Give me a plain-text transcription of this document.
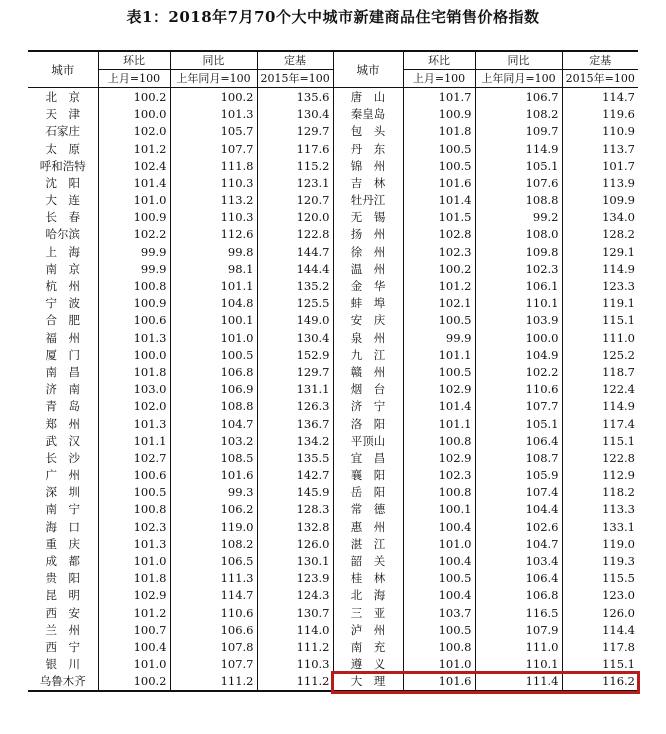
表1：2018年7月70个大中城市新建商品住宅销售价格指数
城市	环比	同比	定基	城市	环比	同比	定基
	上月=100	上年同月=100	2015年=100		上月=100	上年同月=100	2015年=100
北　京	100.2	100.2	135.6	唐　山	101.7	106.7	114.7
天　津	100.0	101.3	130.4	秦皇岛	100.9	108.2	119.6
石家庄	102.0	105.7	129.7	包　头	101.8	109.7	110.9
太　原	101.2	107.7	117.6	丹　东	100.5	114.9	113.7
呼和浩特	102.4	111.8	115.2	锦　州	100.5	105.1	101.7
沈　阳	101.4	110.3	123.1	吉　林	101.6	107.6	113.9
大　连	101.0	113.2	120.7	牡丹江	101.4	108.8	109.9
长　春	100.9	110.3	120.0	无　锡	101.5	99.2	134.0
哈尔滨	102.2	112.6	122.8	扬　州	102.8	108.0	128.2
上　海	99.9	99.8	144.7	徐　州	102.3	109.8	129.1
南　京	99.9	98.1	144.4	温　州	100.2	102.3	114.9
杭　州	100.8	101.1	135.2	金　华	101.2	106.1	123.3
宁　波	100.9	104.8	125.5	蚌　埠	102.1	110.1	119.1
合　肥	100.6	100.1	149.0	安　庆	100.5	103.9	115.1
福　州	101.3	101.0	130.4	泉　州	99.9	100.0	111.0
厦　门	100.0	100.5	152.9	九　江	101.1	104.9	125.2
南　昌	101.8	106.8	129.7	赣　州	100.5	102.2	118.7
济　南	103.0	106.9	131.1	烟　台	102.9	110.6	122.4
青　岛	102.0	108.8	126.3	济　宁	101.4	107.7	114.9
郑　州	101.3	104.7	136.7	洛　阳	101.1	105.1	117.4
武　汉	101.1	103.2	134.2	平顶山	100.8	106.4	115.1
长　沙	102.7	108.5	135.5	宜　昌	102.9	108.7	122.8
广　州	100.6	101.6	142.7	襄　阳	102.3	105.9	112.9
深　圳	100.5	99.3	145.9	岳　阳	100.8	107.4	118.2
南　宁	100.8	106.2	128.3	常　德	100.1	104.4	113.3
海　口	102.3	119.0	132.8	惠　州	100.4	102.6	133.1
重　庆	101.3	108.2	126.0	湛　江	101.0	104.7	119.0
成　都	101.0	106.5	130.1	韶　关	100.4	103.4	119.3
贵　阳	101.8	111.3	123.9	桂　林	100.5	106.4	115.5
昆　明	102.9	114.7	124.3	北　海	100.4	106.8	123.0
西　安	101.2	110.6	130.7	三　亚	103.7	116.5	126.0
兰　州	100.7	106.6	114.0	泸　州	100.5	107.9	114.4
西　宁	100.4	107.8	111.2	南　充	100.8	111.0	117.8
银　川	101.0	107.7	110.3	遵　义	101.0	110.1	115.1
乌鲁木齐	100.2	111.2	111.2	大　理	101.6	111.4	116.2
